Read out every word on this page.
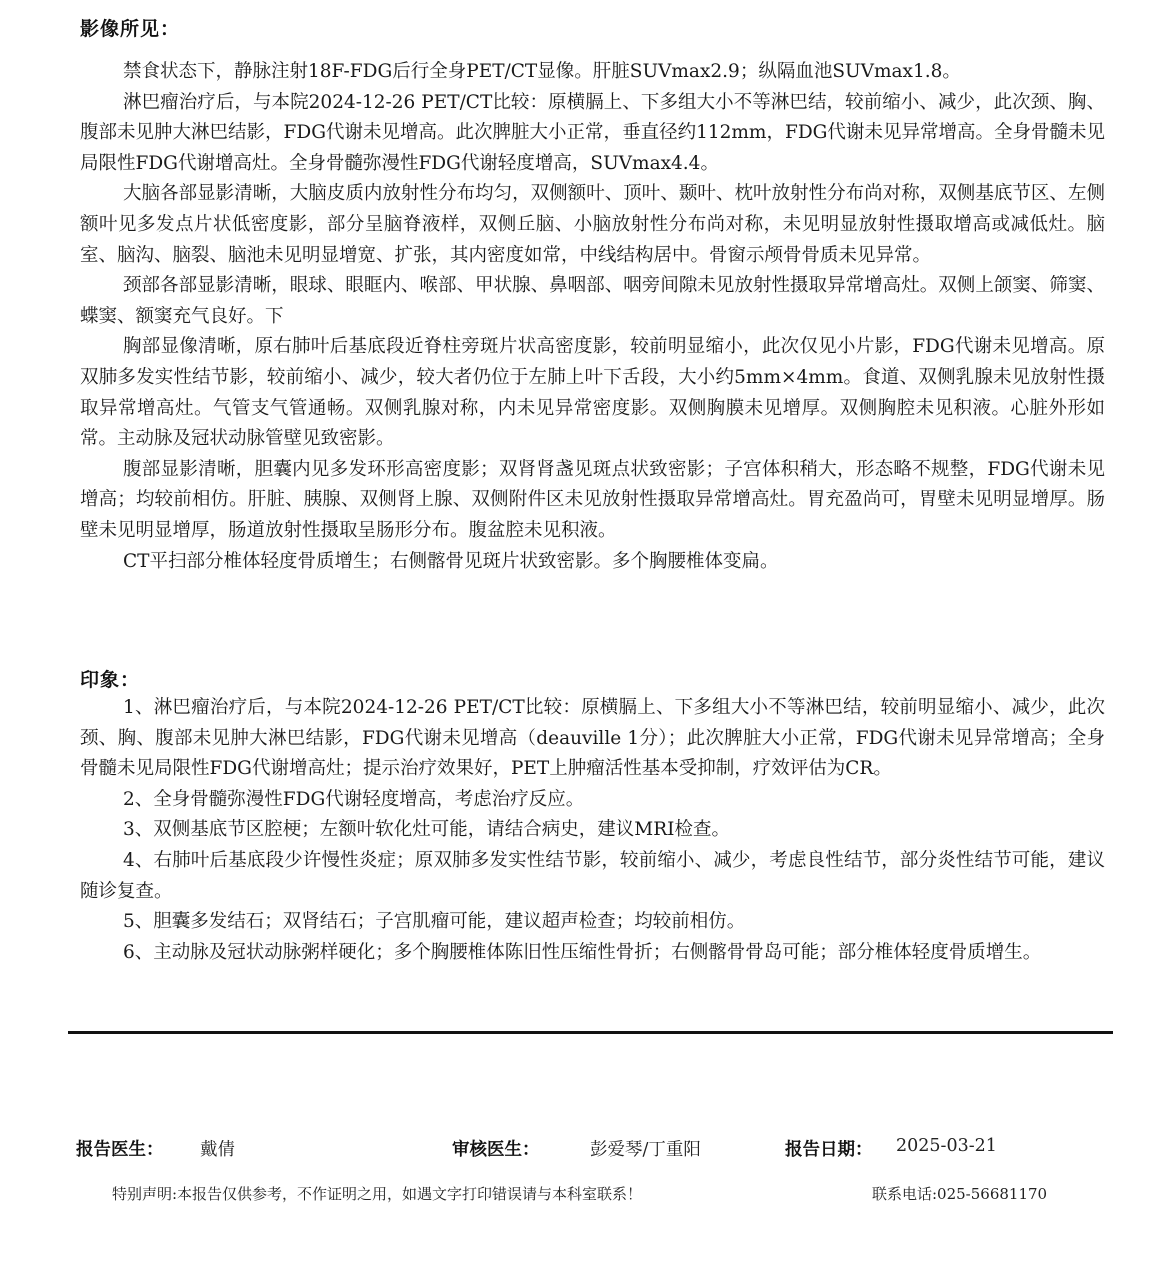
影像所见：

禁食状态下，静脉注射18F-FDG后行全身PET/CT显像。肝脏SUVmax2.9；纵隔血池SUVmax1.8。

淋巴瘤治疗后，与本院2024-12-26 PET/CT比较：原横膈上、下多组大小不等淋巴结，较前缩小、减少，此次颈、胸、腹部未见肿大淋巴结影，FDG代谢未见增高。此次脾脏大小正常，垂直径约112mm，FDG代谢未见异常增高。全身骨髓未见局限性FDG代谢增高灶。全身骨髓弥漫性FDG代谢轻度增高，SUVmax4.4。

大脑各部显影清晰，大脑皮质内放射性分布均匀，双侧额叶、顶叶、颞叶、枕叶放射性分布尚对称，双侧基底节区、左侧额叶见多发点片状低密度影，部分呈脑脊液样，双侧丘脑、小脑放射性分布尚对称，未见明显放射性摄取增高或减低灶。脑室、脑沟、脑裂、脑池未见明显增宽、扩张，其内密度如常，中线结构居中。骨窗示颅骨骨质未见异常。

颈部各部显影清晰，眼球、眼眶内、喉部、甲状腺、鼻咽部、咽旁间隙未见放射性摄取异常增高灶。双侧上颌窦、筛窦、蝶窦、额窦充气良好。下

胸部显像清晰，原右肺叶后基底段近脊柱旁斑片状高密度影，较前明显缩小，此次仅见小片影，FDG代谢未见增高。原双肺多发实性结节影，较前缩小、减少，较大者仍位于左肺上叶下舌段，大小约5mm×4mm。食道、双侧乳腺未见放射性摄取异常增高灶。气管支气管通畅。双侧乳腺对称，内未见异常密度影。双侧胸膜未见增厚。双侧胸腔未见积液。心脏外形如常。主动脉及冠状动脉管壁见致密影。

腹部显影清晰，胆囊内见多发环形高密度影；双肾肾盏见斑点状致密影；子宫体积稍大，形态略不规整，FDG代谢未见增高；均较前相仿。肝脏、胰腺、双侧肾上腺、双侧附件区未见放射性摄取异常增高灶。胃充盈尚可，胃壁未见明显增厚。肠壁未见明显增厚，肠道放射性摄取呈肠形分布。腹盆腔未见积液。

CT平扫部分椎体轻度骨质增生；右侧髂骨见斑片状致密影。多个胸腰椎体变扁。

印象：

1、淋巴瘤治疗后，与本院2024-12-26 PET/CT比较：原横膈上、下多组大小不等淋巴结，较前明显缩小、减少，此次颈、胸、腹部未见肿大淋巴结影，FDG代谢未见增高（deauville 1分）；此次脾脏大小正常，FDG代谢未见异常增高；全身骨髓未见局限性FDG代谢增高灶；提示治疗效果好，PET上肿瘤活性基本受抑制，疗效评估为CR。

2、全身骨髓弥漫性FDG代谢轻度增高，考虑治疗反应。

3、双侧基底节区腔梗；左额叶软化灶可能，请结合病史，建议MRI检查。

4、右肺叶后基底段少许慢性炎症；原双肺多发实性结节影，较前缩小、减少，考虑良性结节，部分炎性结节可能，建议随诊复查。

5、胆囊多发结石；双肾结石；子宫肌瘤可能，建议超声检查；均较前相仿。

6、主动脉及冠状动脉粥样硬化；多个胸腰椎体陈旧性压缩性骨折；右侧髂骨骨岛可能；部分椎体轻度骨质增生。

报告医生： 戴倩	审核医生：	彭爱琴/丁重阳	报告日期： 2025-03-21
特别声明:本报告仅供参考，不作证明之用，如遇文字打印错误请与本科室联系！	联系电话:025-56681170
